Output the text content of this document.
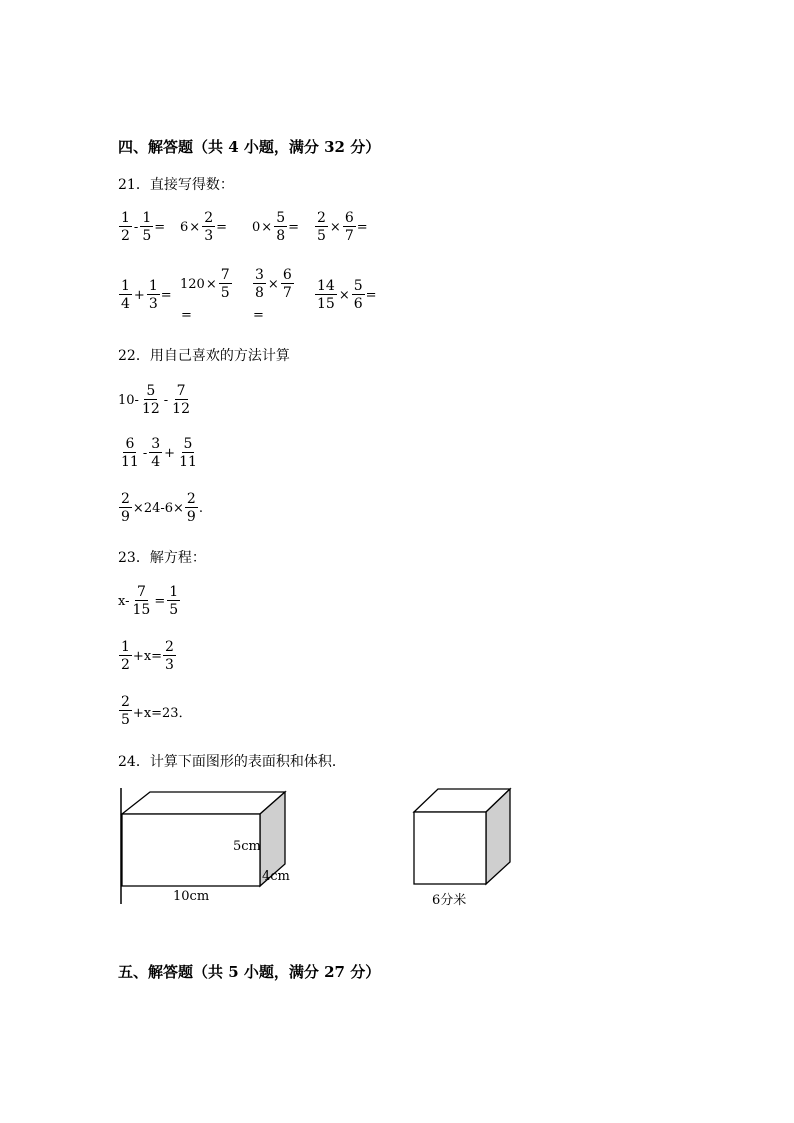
四、解答题（共 4 小题，满分 32 分）
21．直接写得数：
$\frac{1}{2} - \frac{1}{5} = 6 \times \frac{2}{3} = 0 \times \frac{5}{8} = \frac{2}{5} \times \frac{6}{7}$ =
$\frac{1}{4} + \frac{1}{3}$ =
$120 \times \frac{7}{5}$
=
$\frac{3}{8} \times \frac{6}{7}$
=
$\frac{14}{15} \times \frac{5}{6}$ =
22．用自己喜欢的方法计算
$10- \frac{5}{12} - \frac{7}{12}$
$\frac{6}{11} - \frac{3}{4} + \frac{5}{11}$
$\frac{2}{9} \times 24-6\times \frac{2}{9}$ .
23．解方程：
$x- \frac{7}{15} = \frac{1}{5}$
$\frac{1}{2} +x= \frac{2}{3}$
$\frac{2}{5} +x=23$．
24．计算下面图形的表面积和体积．
5cm
4cm
10cm	6分米
五、解答题（共 5 小题，满分 27 分）
